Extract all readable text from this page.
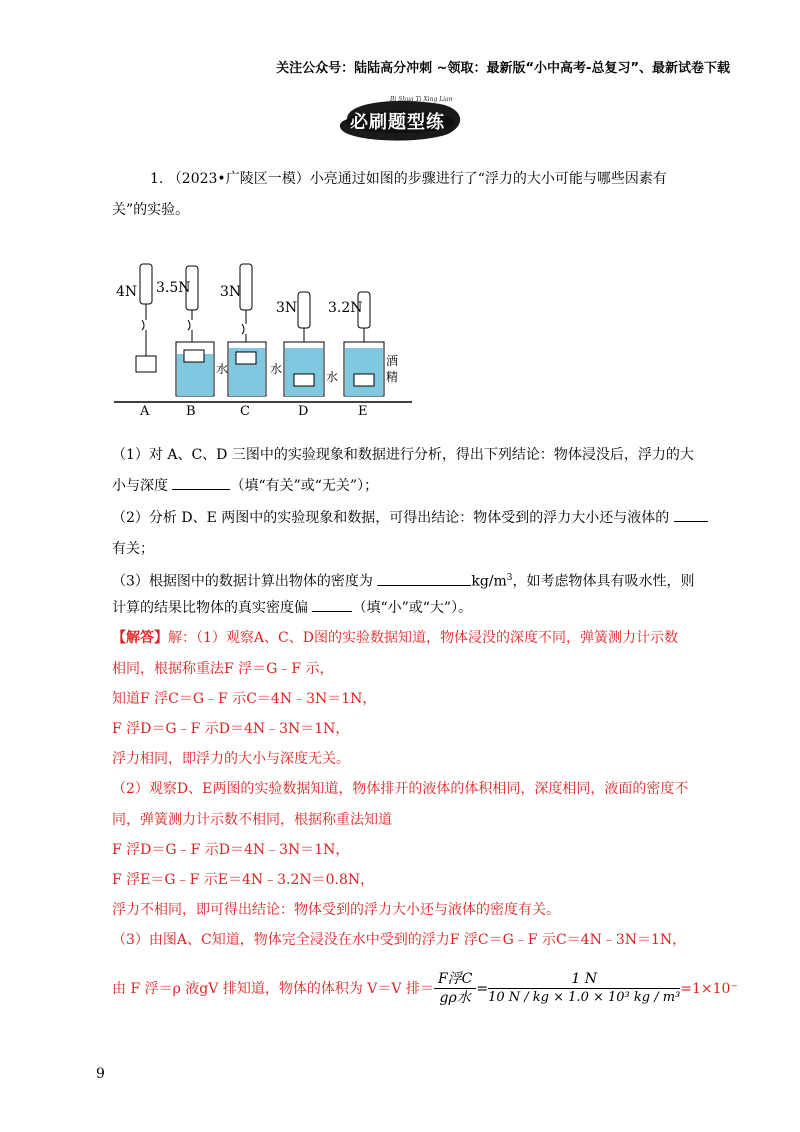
关注公众号：陆陆高分冲刺 ~领取：最新版“小中高考-总复习”、最新试卷下载
Bi Shua Ti Xing Lian
必刷题型练
1. （2023•广陵区一模）小亮通过如图的步骤进行了“浮力的大小可能与哪些因素有
关”的实验。
4N 3.5N 3N
3N 3.2N
水	水
水
酒
精
A	B	C	D	E
（1）对 A、C、D 三图中的实验现象和数据进行分析，得出下列结论：物体浸没后，浮力的大
小与深度	（填“有关”或“无关”）；
（2）分析 D、E 两图中的实验现象和数据，可得出结论：物体受到的浮力大小还与液体的
有关；
（3）根据图中的数据计算出物体的密度为	$kg/m^3$，如考虑物体具有吸水性，则
计算的结果比物体的真实密度偏	（填“小”或“大”）。
【解答】解：（1）观察A、C、D图的实验数据知道，物体浸没的深度不同，弹簧测力计示数
相同，根据称重法F 浮＝G﹣F 示，
知道F 浮C＝G﹣F 示C＝4N﹣3N＝1N，
F 浮D＝G﹣F 示D＝4N﹣3N＝1N，
浮力相同，即浮力的大小与深度无关。
（2）观察D、E两图的实验数据知道，物体排开的液体的体积相同，深度相同，液面的密度不
同，弹簧测力计示数不相同，根据称重法知道
F 浮D＝G﹣F 示D＝4N﹣3N＝1N，
F 浮E＝G﹣F 示E＝4N﹣3.2N＝0.8N，
浮力不相同，即可得出结论：物体受到的浮力大小还与液体的密度有关。
（3）由图A、C知道，物体完全浸没在水中受到的浮力F 浮C＝G﹣F 示C＝4N﹣3N＝1N，
由 F 浮＝ρ 液gV 排知道，物体的体积为 V＝V 排＝ $\frac{\text{F浮C}}{\text{gρ水}} = \frac{1 N}{\text{10 N / kg × 1.0 × 10³ kg / m³}} =1\times 10^-$
9
